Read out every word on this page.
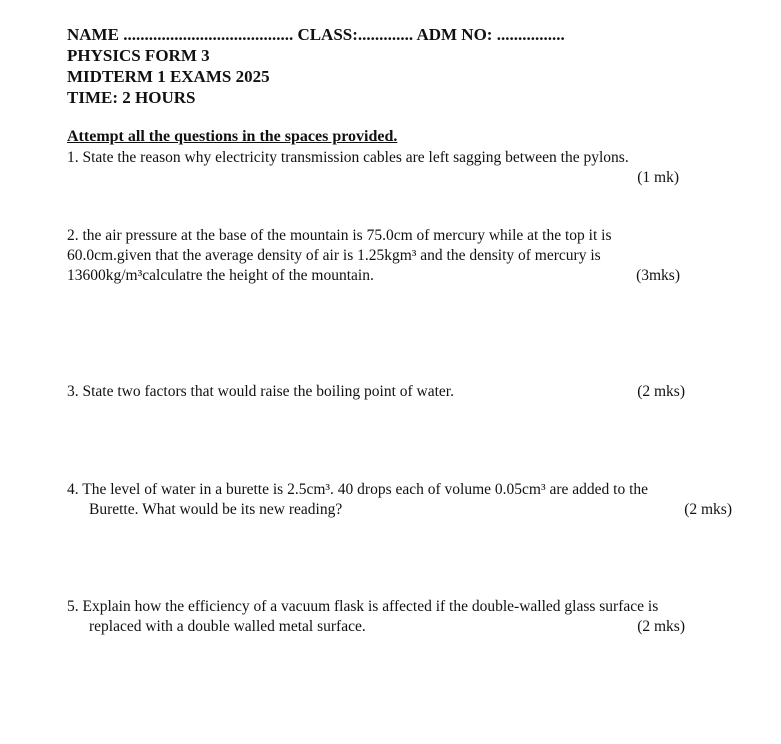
NAME ........................................ CLASS:............. ADM NO: ................
PHYSICS FORM 3
MIDTERM 1 EXAMS 2025
TIME: 2 HOURS
Attempt all the questions in the spaces provided.
1. State the reason why electricity transmission cables are left sagging between the pylons.
(1 mk)
2. the air pressure at the base of the mountain is 75.0cm of mercury while at the top it is
60.0cm.given that the average density of air is 1.25kgm³ and the density of mercury is
13600kg/m³calculatre the height of the mountain.	(3mks)
3. State two factors that would raise the boiling point of water.	(2 mks)
4. The level of water in a burette is 2.5cm³. 40 drops each of volume 0.05cm³ are added to the
Burette. What would be its new reading?	(2 mks)
5. Explain how the efficiency of a vacuum flask is affected if the double-walled glass surface is
replaced with a double walled metal surface.	(2 mks)
